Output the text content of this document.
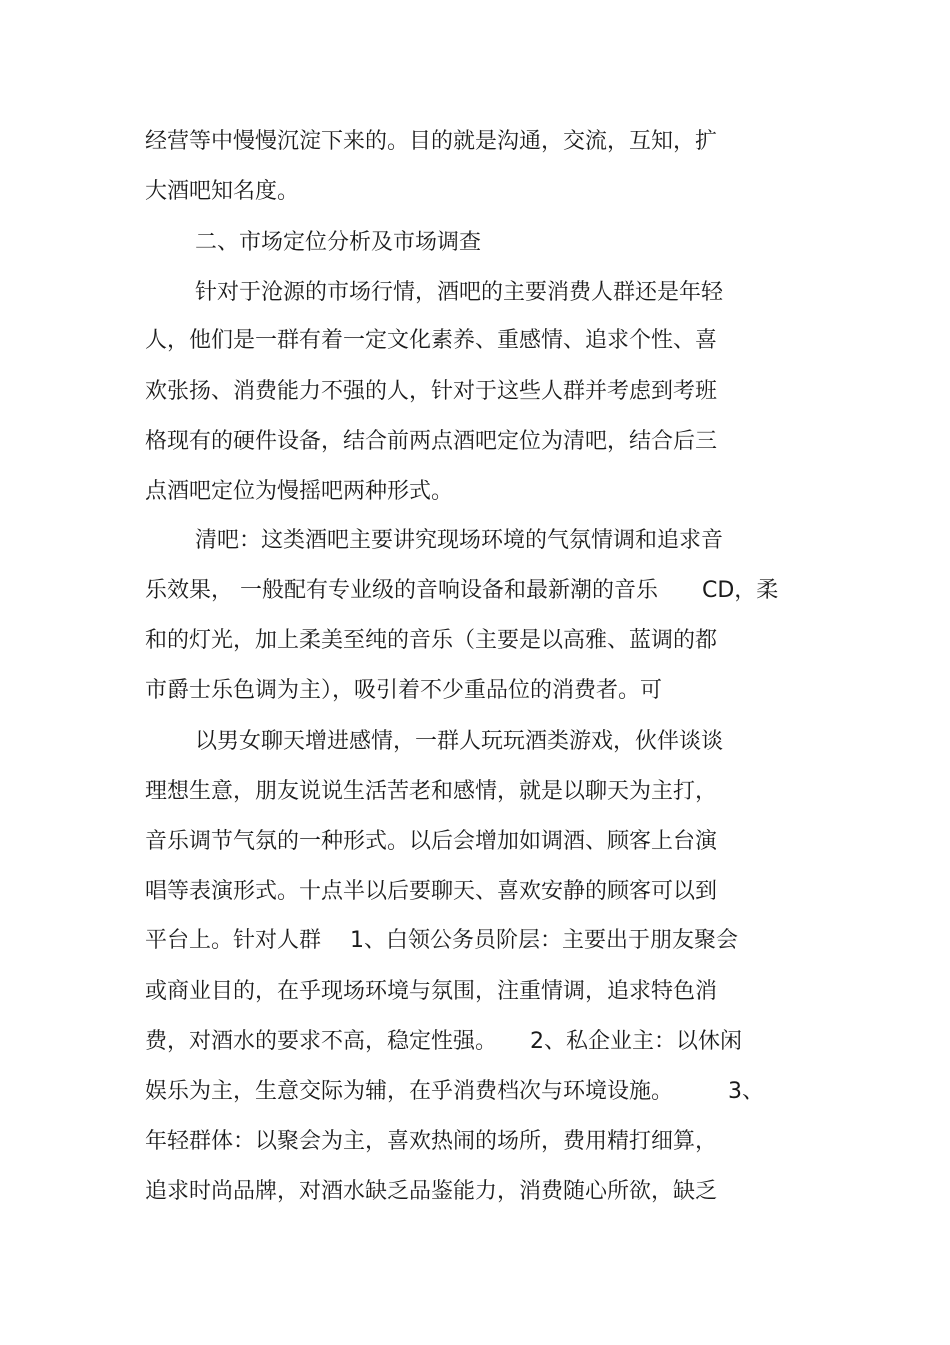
经营等中慢慢沉淀下来的。目的就是沟通，交流，互知，扩

大酒吧知名度。

二、市场定位分析及市场调查

针对于沧源的市场行情，酒吧的主要消费人群还是年轻

人，他们是一群有着一定文化素养、重感情、追求个性、喜

欢张扬、消费能力不强的人，针对于这些人群并考虑到考班

格现有的硬件设备，结合前两点酒吧定位为清吧，结合后三

点酒吧定位为慢摇吧两种形式。

清吧：这类酒吧主要讲究现场环境的气氛情调和追求音

乐效果， 一般配有专业级的音响设备和最新潮的音乐　　CD，柔

和的灯光，加上柔美至纯的音乐（主要是以高雅、蓝调的都

市爵士乐色调为主），吸引着不少重品位的消费者。可

以男女聊天增进感情，一群人玩玩酒类游戏，伙伴谈谈

理想生意，朋友说说生活苦老和感情，就是以聊天为主打，

音乐调节气氛的一种形式。以后会增加如调酒、顾客上台演

唱等表演形式。十点半以后要聊天、喜欢安静的顾客可以到

平台上。针对人群　 1、白领公务员阶层：主要出于朋友聚会

或商业目的，在乎现场环境与氛围，注重情调，追求特色消

费，对酒水的要求不高，稳定性强。　　2、私企业主：以休闲

娱乐为主，生意交际为辅，在乎消费档次与环境设施。　　　3、

年轻群体：以聚会为主，喜欢热闹的场所，费用精打细算，

追求时尚品牌，对酒水缺乏品鉴能力，消费随心所欲，缺乏
